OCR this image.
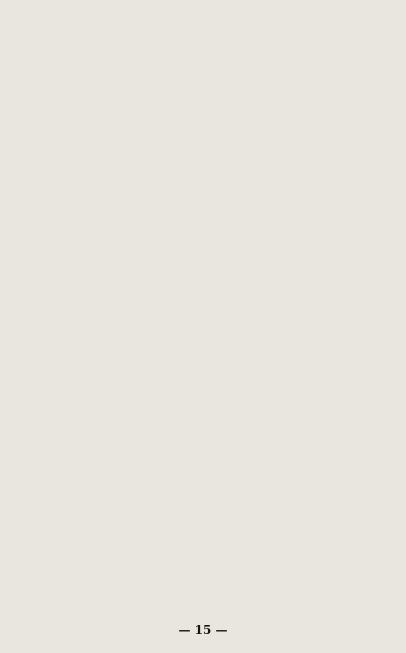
— 15 —
